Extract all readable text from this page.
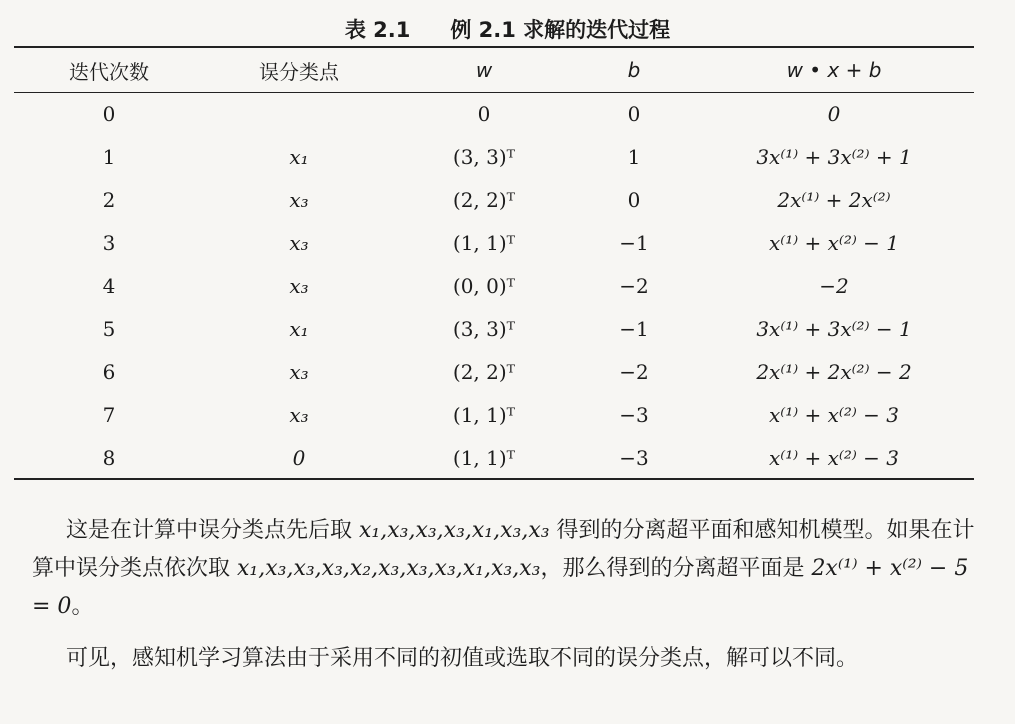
表 2.1 例 2.1 求解的迭代过程
迭代次数	误分类点	w	b	w • x + b
0		0	0	0
1	x₁	(3, 3)ᵀ	1	3x⁽¹⁾ + 3x⁽²⁾ + 1
2	x₃	(2, 2)ᵀ	0	2x⁽¹⁾ + 2x⁽²⁾
3	x₃	(1, 1)ᵀ	−1	x⁽¹⁾ + x⁽²⁾ − 1
4	x₃	(0, 0)ᵀ	−2	−2
5	x₁	(3, 3)ᵀ	−1	3x⁽¹⁾ + 3x⁽²⁾ − 1
6	x₃	(2, 2)ᵀ	−2	2x⁽¹⁾ + 2x⁽²⁾ − 2
7	x₃	(1, 1)ᵀ	−3	x⁽¹⁾ + x⁽²⁾ − 3
8	0	(1, 1)ᵀ	−3	x⁽¹⁾ + x⁽²⁾ − 3
这是在计算中误分类点先后取 x₁,x₃,x₃,x₃,x₁,x₃,x₃ 得到的分离超平面和感知机模型。如果在计算中误分类点依次取 x₁,x₃,x₃,x₃,x₂,x₃,x₃,x₃,x₁,x₃,x₃，那么得到的分离超平面是 2x⁽¹⁾ + x⁽²⁾ − 5 = 0。
可见，感知机学习算法由于采用不同的初值或选取不同的误分类点，解可以不同。
